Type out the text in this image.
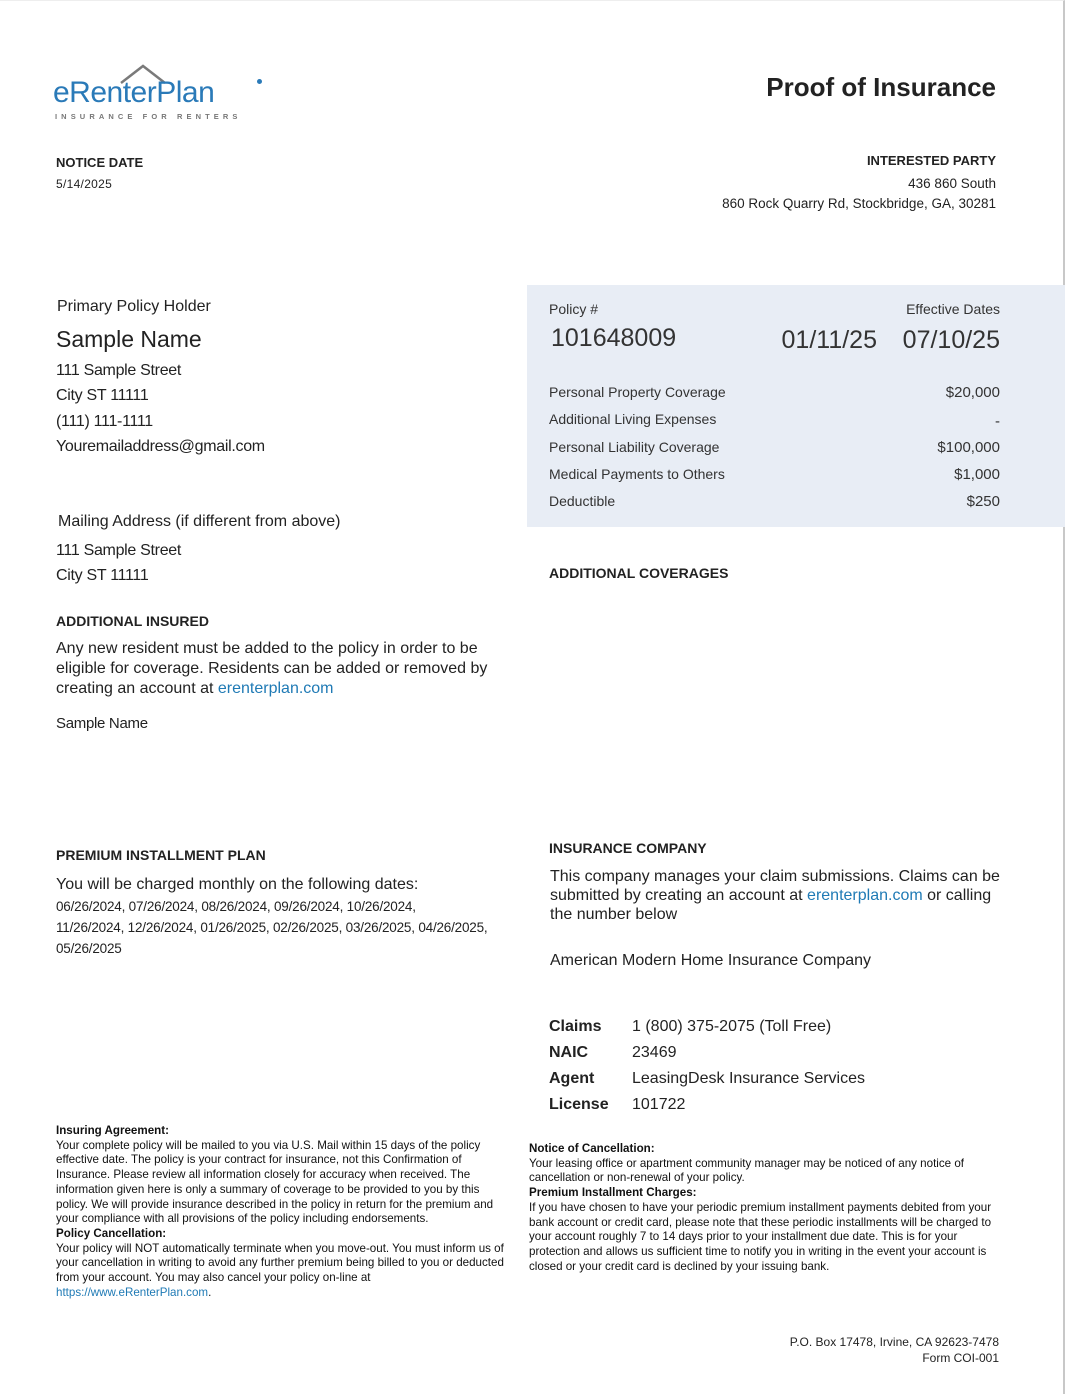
eRenterPlan
INSURANCE FOR RENTERS
Proof of Insurance
NOTICE DATE
5/14/2025
INTERESTED PARTY
436 860 South
860 Rock Quarry Rd, Stockbridge, GA, 30281
Primary Policy Holder
Sample Name
111 Sample Street
City ST 11111
(111) 111-1111
Youremailaddress@gmail.com
Mailing Address (if different from above)
111 Sample Street
City ST 11111
ADDITIONAL INSURED
Any new resident must be added to the policy in order to be eligible for coverage. Residents can be added or removed by creating an account at erenterplan.com
Sample Name
Policy #	Effective Dates
101648009	01/11/25	07/10/25
Personal Property Coverage	$20,000
Additional Living Expenses	-
Personal Liability Coverage	$100,000
Medical Payments to Others	$1,000
Deductible	$250
ADDITIONAL COVERAGES
PREMIUM INSTALLMENT PLAN
You will be charged monthly on the following dates:
06/26/2024, 07/26/2024, 08/26/2024, 09/26/2024, 10/26/2024,
11/26/2024, 12/26/2024, 01/26/2025, 02/26/2025, 03/26/2025, 04/26/2025,
05/26/2025
INSURANCE COMPANY
This company manages your claim submissions. Claims can be submitted by creating an account at erenterplan.com or calling the number below
American Modern Home Insurance Company
Claims 1 (800) 375-2075 (Toll Free)
NAIC	23469
Agent LeasingDesk Insurance Services
License 101722
Insuring Agreement:
Your complete policy will be mailed to you via U.S. Mail within 15 days of the policy effective date. The policy is your contract for insurance, not this Confirmation of Insurance. Please review all information closely for accuracy when received. The information given here is only a summary of coverage to be provided to you by this policy. We will provide insurance described in the policy in return for the premium and your compliance with all provisions of the policy including endorsements.
Policy Cancellation:
Your policy will NOT automatically terminate when you move-out. You must inform us of your cancellation in writing to avoid any further premium being billed to you or deducted from your account. You may also cancel your policy on-line at https://www.eRenterPlan.com.
Notice of Cancellation:
Your leasing office or apartment community manager may be noticed of any notice of cancellation or non-renewal of your policy.
Premium Installment Charges:
If you have chosen to have your periodic premium installment payments debited from your bank account or credit card, please note that these periodic installments will be charged to your account roughly 7 to 14 days prior to your installment due date. This is for your protection and allows us sufficient time to notify you in writing in the event your account is closed or your credit card is declined by your issuing bank.
P.O. Box 17478, Irvine, CA 92623-7478
Form COI-001
